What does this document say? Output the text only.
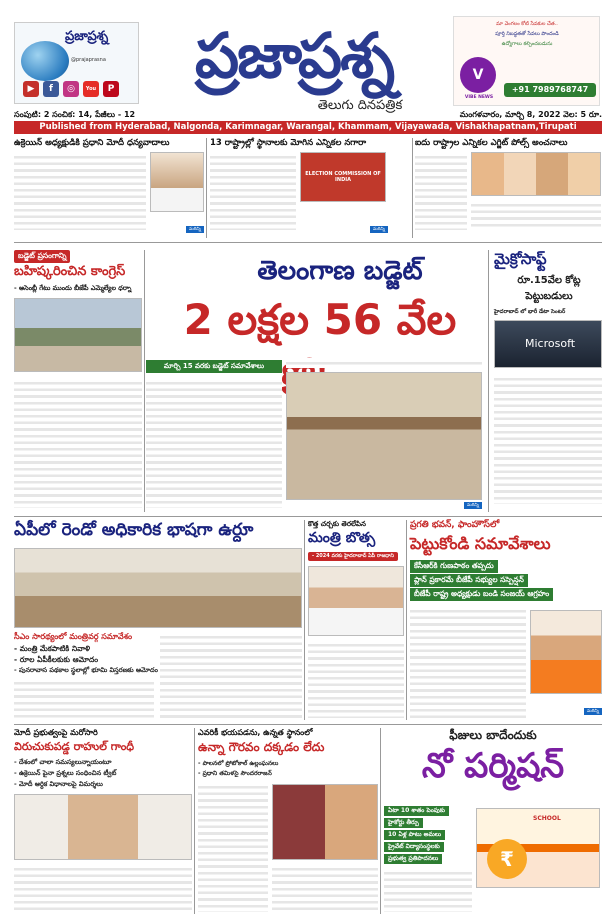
ప్రజాప్రశ్న
@prajaprasna
▶	f	◎	You	P	ప్రజాప్రశ్న
తెలుగు దినపత్రిక
మా వెంగలం కోటి సేవకుల చేత..
పూర్తి నిబద్ధతతో సేవలు పొందండి
ఉద్యోగాలు కల్పించబడును
V
VIBE NEWS
+91 7989768747
సంపుటి: 2 సంచిక: 14, పేజీలు - 12	మంగళవారం, మార్చి 8, 2022 వెల: 5 రూ.
Published from Hyderabad, Nalgonda, Karimnagar, Warangal, Khammam, Vijayawada, Vishakhapatnam,Tirupati
ఉక్రెయిన్ అధ్యక్షుడికి ప్రధాని మోదీ ధన్యవాదాలు
మరిన్ని
13 రాష్ట్రాల్లో స్థానాలకు మోగిన ఎన్నికల నగారా
ELECTION COMMISSION OF INDIA
మరిన్ని
ఐదు రాష్ట్రాల ఎన్నికల ఎగ్జిట్ పోల్స్ అంచనాలు
బడ్జెట్ ప్రసంగాన్ని
బహిష్కరించిన కాంగ్రెస్
- అసెంబ్లీ గేటు ముందు బీజేపీ ఎమ్మెల్యేల ధర్నా
తెలంగాణ బడ్జెట్
2 లక్షల 56 వేల
మార్చి 15 వరకు బడ్జెట్ సమావేశాలు
మరిన్ని
మైక్రోసాఫ్ట్
రూ.15వేల కోట్ల
పెట్టుబడులు
హైదరాబాద్ లో భారీ డేటా సెంటర్
Microsoft
ఏపీలో రెండో అధికారిక భాషగా ఉర్దూ
సీఎం సారథ్యంలో మంత్రివర్గ సమావేశం
- మంత్రి మేకపాటికి నివాళి
- రూల ఏపీకీలకుకు ఆమోదం
- పునరావాస పథకాల స్థలాల్లో భూమి విస్తరణకు ఆమోదం
కొత్త చర్చకు తెరలేపిన
మంత్రి బొత్స
- 2024 వరకు హైదరాబాద్ ఏపీ రాజధాని
ప్రగతి భవన్, ఫాంహౌస్‌లో
పెట్టుకోండి సమావేశాలు
కేసీఆర్‌కి గుణపాఠం తప్పదు
ప్లాన్ ప్రకారమే బీజేపీ సభ్యుల సస్పెన్షన్
బీజేపీ రాష్ట్ర అధ్యక్షుడు బండి సంజయ్ ఆగ్రహం
మరిన్ని
మోదీ ప్రభుత్వంపై మరోసారి
విరుచుకుపడ్డ రాహుల్ గాంధీ
- దేశంలో చాలా సమస్యలున్నాయంటూ
- ఉక్రెయిన్ పైనా ప్రశ్నలు సంధించిన ట్వీట్
- మోదీ ఆర్ధిక విధానాలపై విమర్శలు
ఎవరికీ భయపడను, ఉన్నత స్థానంలో
ఉన్నా గౌరవం దక్కడం లేదు
- పాలనలో ప్రోటోకాల్ ఉల్లంఘనలు
- ప్రధాని తమిళసై సౌందరరాజన్
ఫీజులు బాదేందుకు
నో పర్మిషన్
ఏటా 10 శాతం పెంపుకు
హైకోర్టు తీర్పు
10 ఏళ్ల పాటు అమలు
ప్రైవేట్ విద్యాసంస్థలకు
ప్రభుత్వ ప్రతిపాదనలు
SCHOOL
₹
